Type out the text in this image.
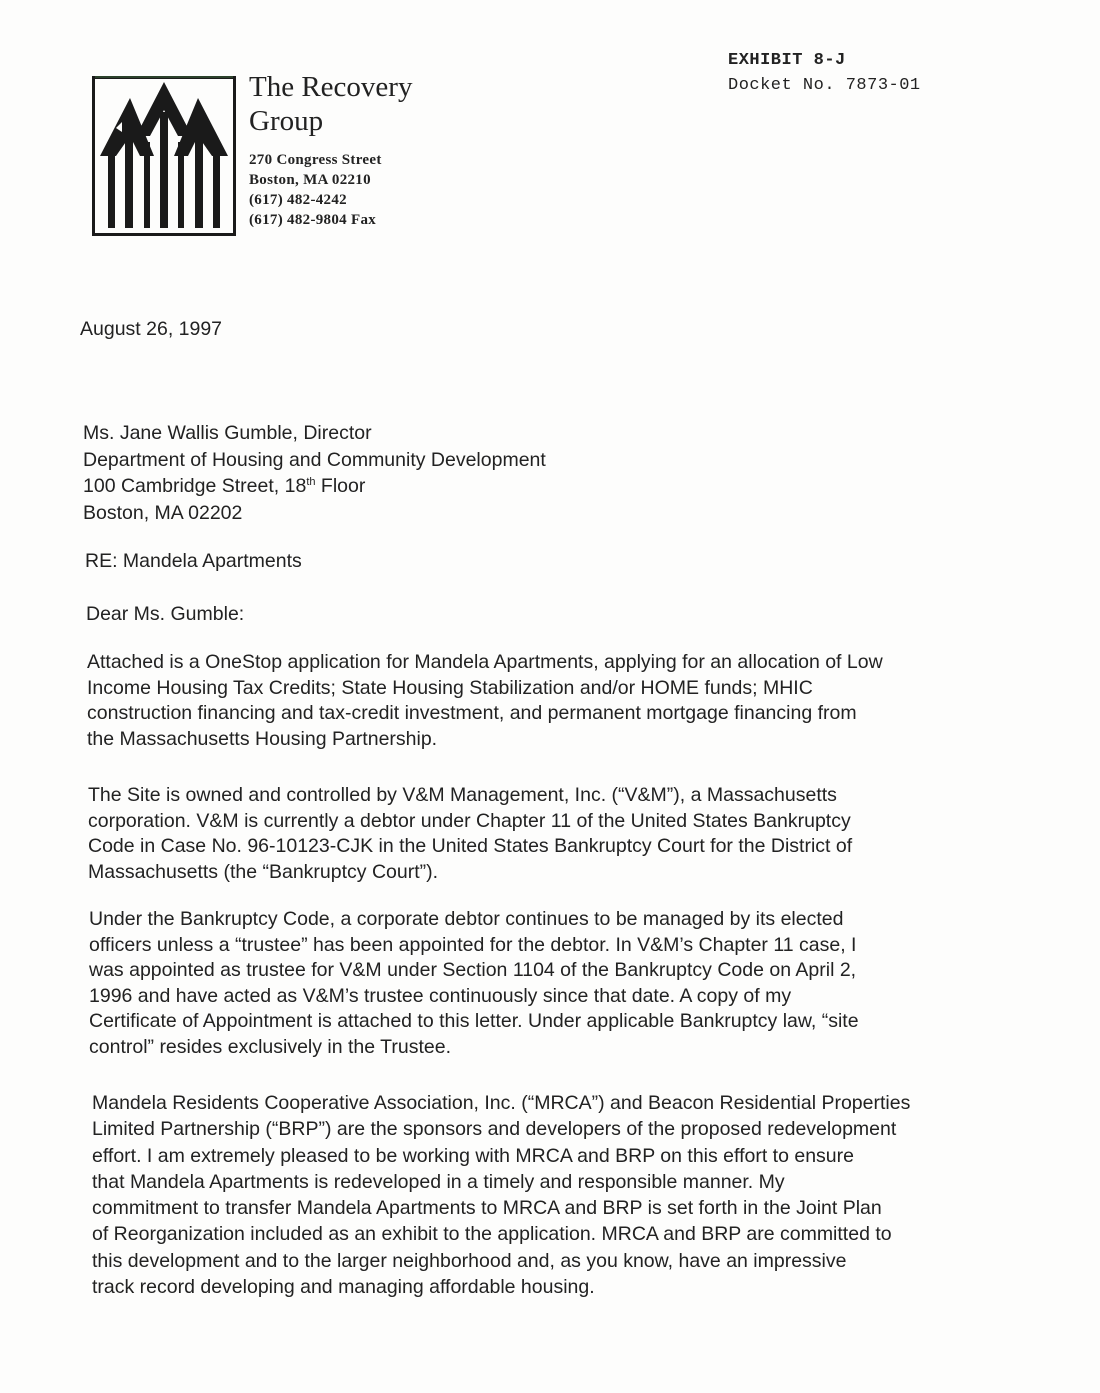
EXHIBIT 8-J
Docket No. 7873-01
The Recovery
Group
270 Congress Street
Boston, MA 02210
(617) 482-4242
(617) 482-9804 Fax
August 26, 1997
Ms. Jane Wallis Gumble, Director
Department of Housing and Community Development
100 Cambridge Street, 18th Floor
Boston, MA 02202
RE: Mandela Apartments
Dear Ms. Gumble:
Attached is a OneStop application for Mandela Apartments, applying for an allocation of Low
Income Housing Tax Credits; State Housing Stabilization and/or HOME funds; MHIC
construction financing and tax-credit investment, and permanent mortgage financing from
the Massachusetts Housing Partnership.
The Site is owned and controlled by V&M Management, Inc. (“V&M”), a Massachusetts
corporation. V&M is currently a debtor under Chapter 11 of the United States Bankruptcy
Code in Case No. 96-10123-CJK in the United States Bankruptcy Court for the District of
Massachusetts (the “Bankruptcy Court”).
Under the Bankruptcy Code, a corporate debtor continues to be managed by its elected
officers unless a “trustee” has been appointed for the debtor. In V&M’s Chapter 11 case, I
was appointed as trustee for V&M under Section 1104 of the Bankruptcy Code on April 2,
1996 and have acted as V&M’s trustee continuously since that date. A copy of my
Certificate of Appointment is attached to this letter. Under applicable Bankruptcy law, “site
control” resides exclusively in the Trustee.
Mandela Residents Cooperative Association, Inc. (“MRCA”) and Beacon Residential Properties
Limited Partnership (“BRP”) are the sponsors and developers of the proposed redevelopment
effort. I am extremely pleased to be working with MRCA and BRP on this effort to ensure
that Mandela Apartments is redeveloped in a timely and responsible manner. My
commitment to transfer Mandela Apartments to MRCA and BRP is set forth in the Joint Plan
of Reorganization included as an exhibit to the application. MRCA and BRP are committed to
this development and to the larger neighborhood and, as you know, have an impressive
track record developing and managing affordable housing.
